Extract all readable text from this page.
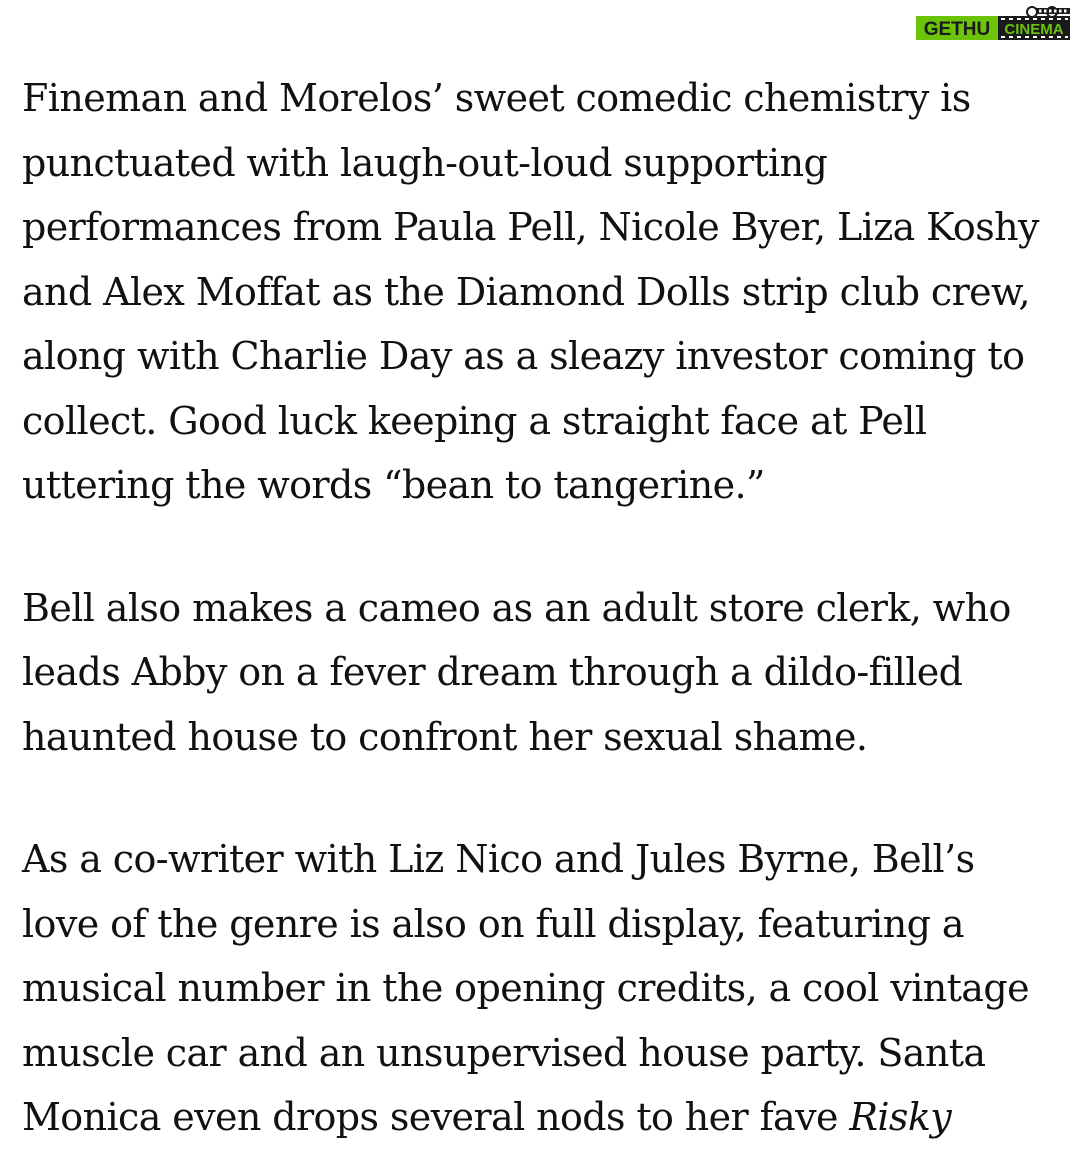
GETHU CINEMA

Fineman and Morelos’ sweet comedic chemistry is
punctuated with laugh-out-loud supporting
performances from Paula Pell, Nicole Byer, Liza Koshy
and Alex Moffat as the Diamond Dolls strip club crew,
along with Charlie Day as a sleazy investor coming to
collect. Good luck keeping a straight face at Pell
uttering the words “bean to tangerine.”

Bell also makes a cameo as an adult store clerk, who
leads Abby on a fever dream through a dildo-filled
haunted house to confront her sexual shame.

As a co-writer with Liz Nico and Jules Byrne, Bell’s
love of the genre is also on full display, featuring a
musical number in the opening credits, a cool vintage
muscle car and an unsupervised house party. Santa
Monica even drops several nods to her fave Risky
